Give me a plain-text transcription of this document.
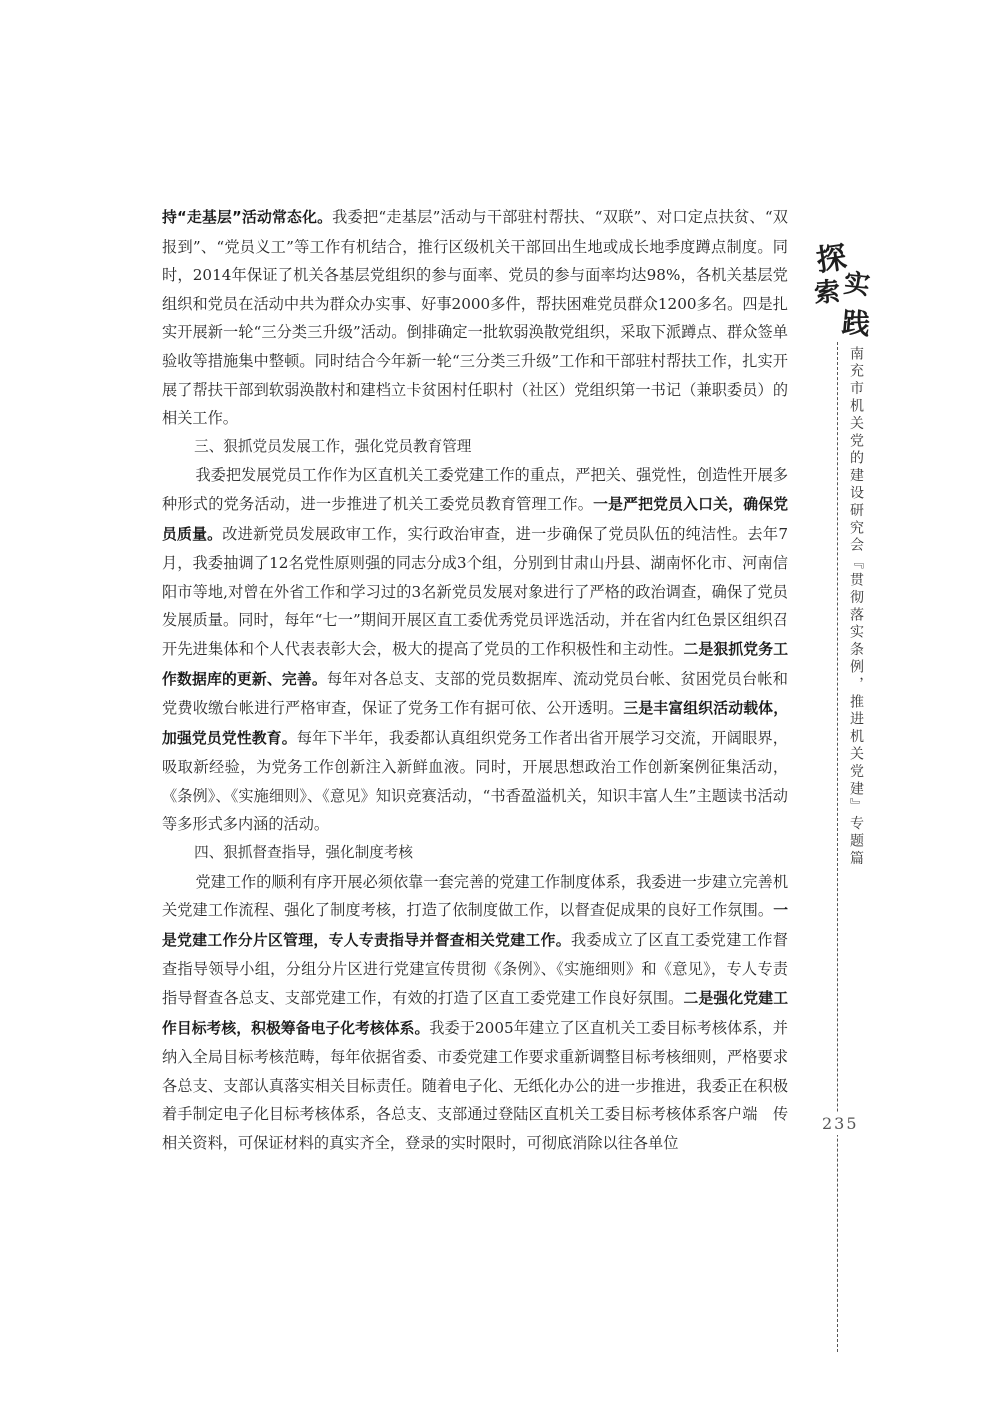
持“走基层”活动常态化。我委把“走基层”活动与干部驻村帮扶、“双联”、对口定点扶贫、“双报到”、“党员义工”等工作有机结合，推行区级机关干部回出生地或成长地季度蹲点制度。同时，2014年保证了机关各基层党组织的参与面率、党员的参与面率均达98%，各机关基层党组织和党员在活动中共为群众办实事、好事2000多件，帮扶困难党员群众1200多名。四是扎实开展新一轮“三分类三升级”活动。倒排确定一批软弱涣散党组织，采取下派蹲点、群众签单验收等措施集中整顿。同时结合今年新一轮“三分类三升级”工作和干部驻村帮扶工作，扎实开展了帮扶干部到软弱涣散村和建档立卡贫困村任职村（社区）党组织第一书记（兼职委员）的相关工作。

三、狠抓党员发展工作，强化党员教育管理

我委把发展党员工作作为区直机关工委党建工作的重点，严把关、强党性，创造性开展多种形式的党务活动，进一步推进了机关工委党员教育管理工作。一是严把党员入口关，确保党员质量。改进新党员发展政审工作，实行政治审查，进一步确保了党员队伍的纯洁性。去年7月，我委抽调了12名党性原则强的同志分成3个组，分别到甘肃山丹县、湖南怀化市、河南信阳市等地,对曾在外省工作和学习过的3名新党员发展对象进行了严格的政治调查，确保了党员发展质量。同时，每年“七一”期间开展区直工委优秀党员评选活动，并在省内红色景区组织召开先进集体和个人代表表彰大会，极大的提高了党员的工作积极性和主动性。二是狠抓党务工作数据库的更新、完善。每年对各总支、支部的党员数据库、流动党员台帐、贫困党员台帐和党费收缴台帐进行严格审查，保证了党务工作有据可依、公开透明。三是丰富组织活动载体，加强党员党性教育。每年下半年，我委都认真组织党务工作者出省开展学习交流，开阔眼界，吸取新经验，为党务工作创新注入新鲜血液。同时，开展思想政治工作创新案例征集活动，《条例》、《实施细则》、《意见》知识竞赛活动，“书香盈溢机关，知识丰富人生”主题读书活动等多形式多内涵的活动。

四、狠抓督查指导，强化制度考核

党建工作的顺利有序开展必须依靠一套完善的党建工作制度体系，我委进一步建立完善机关党建工作流程、强化了制度考核，打造了依制度做工作，以督查促成果的良好工作氛围。一是党建工作分片区管理，专人专责指导并督查相关党建工作。我委成立了区直工委党建工作督查指导领导小组，分组分片区进行党建宣传贯彻《条例》、《实施细则》和《意见》，专人专责指导督查各总支、支部党建工作，有效的打造了区直工委党建工作良好氛围。二是强化党建工作目标考核，积极筹备电子化考核体系。我委于2005年建立了区直机关工委目标考核体系，并纳入全局目标考核范畴，每年依据省委、市委党建工作要求重新调整目标考核细则，严格要求各总支、支部认真落实相关目标责任。随着电子化、无纸化办公的进一步推进，我委正在积极着手制定电子化目标考核体系，各总支、支部通过登陆区直机关工委目标考核体系客户端　传相关资料，可保证材料的真实齐全，登录的实时限时，可彻底消除以往各单位

探
实
索
践
南充市机关党的建设研究会『贯彻落实条例，推进机关党建』专题篇
235
